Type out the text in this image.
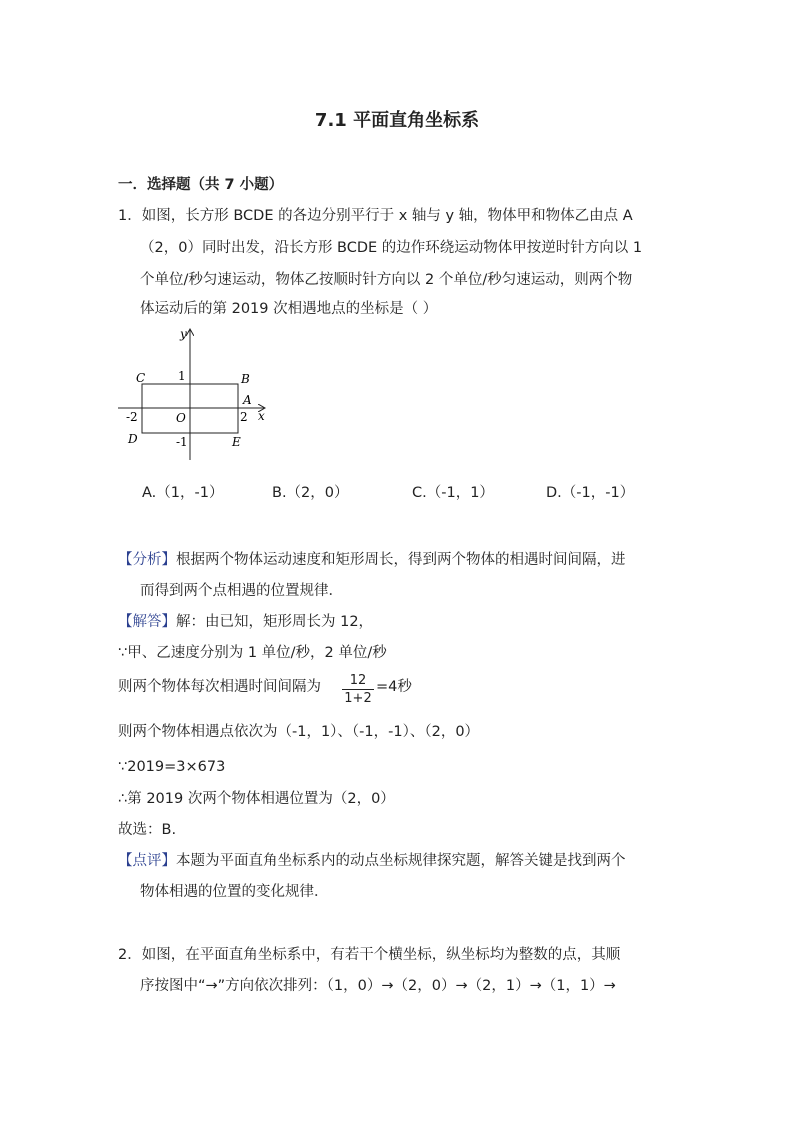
7.1 平面直角坐标系
一．选择题（共 7 小题）
1．如图，长方形 BCDE 的各边分别平行于 x 轴与 y 轴，物体甲和物体乙由点 A
（2，0）同时出发，沿长方形 BCDE 的边作环绕运动物体甲按逆时针方向以 1
个单位/秒匀速运动，物体乙按顺时针方向以 2 个单位/秒匀速运动，则两个物
体运动后的第 2019 次相遇地点的坐标是（ ）
y
x
1
-1
-2	2
C	B
A
O
D	E
A.（1，-1）	B.（2，0）	C.（-1，1）	D.（-1，-1）
【分析】根据两个物体运动速度和矩形周长，得到两个物体的相遇时间间隔，进
而得到两个点相遇的位置规律．
【解答】解：由已知，矩形周长为 12，
∵甲、乙速度分别为 1 单位/秒，2 单位/秒
则两个物体每次相遇时间间隔为	12
1+2
=4秒
则两个物体相遇点依次为（-1，1）、（-1，-1）、（2，0）
∵2019=3×673
∴第 2019 次两个物体相遇位置为（2，0）
故选：B.
【点评】本题为平面直角坐标系内的动点坐标规律探究题，解答关键是找到两个
物体相遇的位置的变化规律．
2．如图，在平面直角坐标系中，有若干个横坐标，纵坐标均为整数的点，其顺
序按图中“→”方向依次排列：（1，0）→（2，0）→（2，1）→（1，1）→
